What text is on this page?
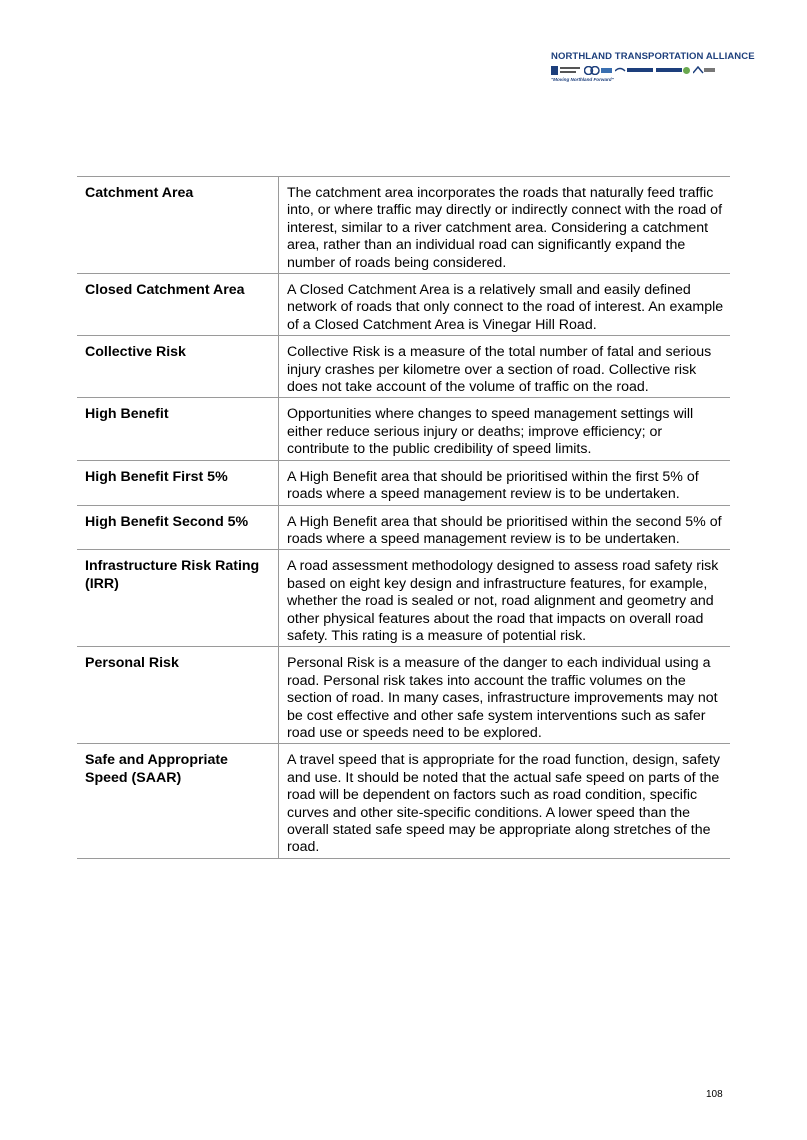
NORTHLAND TRANSPORTATION ALLIANCE
"Moving Northland Forward"
Catchment Area	The catchment area incorporates the roads that naturally feed traffic into, or where traffic may directly or indirectly connect with the road of interest, similar to a river catchment area. Considering a catchment area, rather than an individual road can significantly expand the number of roads being considered.
Closed Catchment Area	A Closed Catchment Area is a relatively small and easily defined network of roads that only connect to the road of interest. An example of a Closed Catchment Area is Vinegar Hill Road.
Collective Risk	Collective Risk is a measure of the total number of fatal and serious injury crashes per kilometre over a section of road. Collective risk does not take account of the volume of traffic on the road.
High Benefit	Opportunities where changes to speed management settings will either reduce serious injury or deaths; improve efficiency; or contribute to the public credibility of speed limits.
High Benefit First 5%	A High Benefit area that should be prioritised within the first 5% of roads where a speed management review is to be undertaken.
High Benefit Second 5%	A High Benefit area that should be prioritised within the second 5% of roads where a speed management review is to be undertaken.
Infrastructure Risk Rating (IRR)	A road assessment methodology designed to assess road safety risk based on eight key design and infrastructure features, for example, whether the road is sealed or not, road alignment and geometry and other physical features about the road that impacts on overall road safety. This rating is a measure of potential risk.
Personal Risk	Personal Risk is a measure of the danger to each individual using a road. Personal risk takes into account the traffic volumes on the section of road. In many cases, infrastructure improvements may not be cost effective and other safe system interventions such as safer road use or speeds need to be explored.
Safe and Appropriate Speed (SAAR)	A travel speed that is appropriate for the road function, design, safety and use. It should be noted that the actual safe speed on parts of the road will be dependent on factors such as road condition, specific curves and other site-specific conditions. A lower speed than the overall stated safe speed may be appropriate along stretches of the road.
108
